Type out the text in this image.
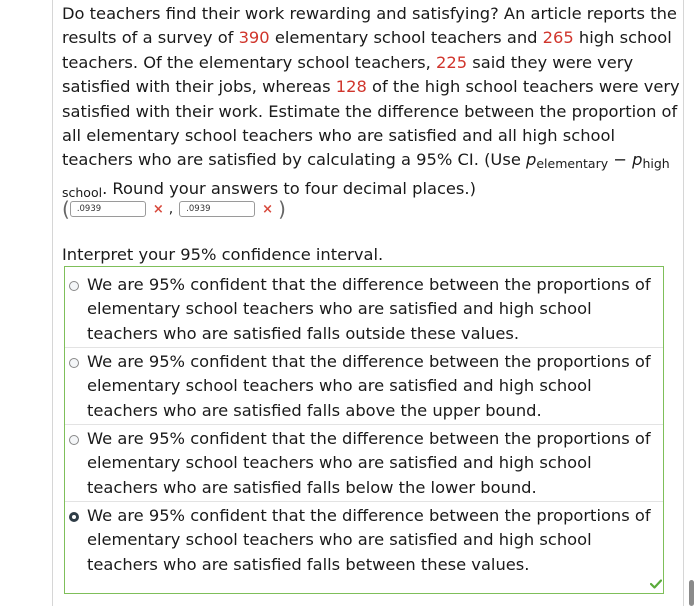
Do teachers find their work rewarding and satisfying? An article reports the results of a survey of 390 elementary school teachers and 265 high school teachers. Of the elementary school teachers, 225 said they were very satisfied with their jobs, whereas 128 of the high school teachers were very satisfied with their work. Estimate the difference between the proportion of all elementary school teachers who are satisfied and all high school teachers who are satisfied by calculating a 95% CI. (Use $p_{elementary} - p_{high school}$. Round your answers to four decimal places.)
(
.0939	× ,
.0939	× )
Interpret your 95% confidence interval.
We are 95% confident that the difference between the proportions of elementary school teachers who are satisfied and high school teachers who are satisfied falls outside these values.
We are 95% confident that the difference between the proportions of elementary school teachers who are satisfied and high school teachers who are satisfied falls above the upper bound.
We are 95% confident that the difference between the proportions of elementary school teachers who are satisfied and high school teachers who are satisfied falls below the lower bound.
We are 95% confident that the difference between the proportions of elementary school teachers who are satisfied and high school teachers who are satisfied falls between these values.
